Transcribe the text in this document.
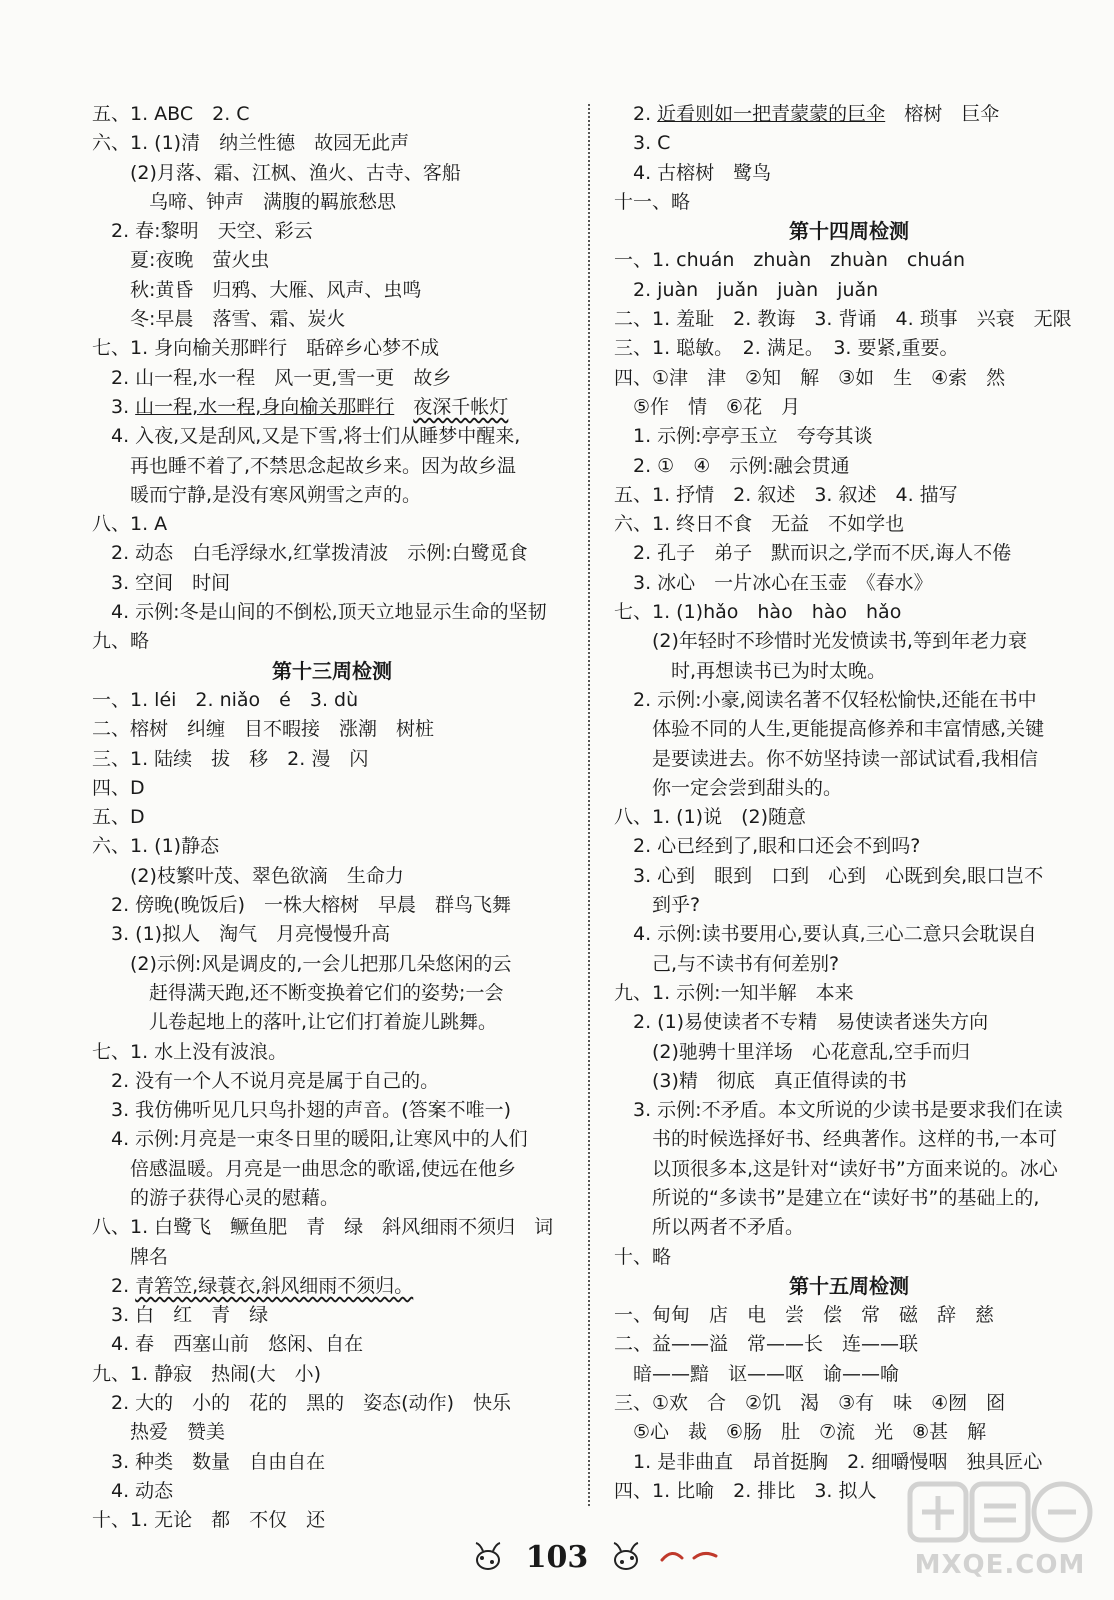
五、1. ABC　2. C
六、1. (1)清　纳兰性德　故园无此声
　　(2)月落、霜、江枫、渔火、古寺、客船
　　　乌啼、钟声　满腹的羁旅愁思
　2. 春:黎明　天空、彩云
　　夏:夜晚　萤火虫
　　秋:黄昏　归鸦、大雁、风声、虫鸣
　　冬:早晨　落雪、霜、炭火
七、1. 身向榆关那畔行　聒碎乡心梦不成
　2. 山一程,水一程　风一更,雪一更　故乡
　3. 山一程,水一程,身向榆关那畔行　 夜深千帐灯
　4. 入夜,又是刮风,又是下雪,将士们从睡梦中醒来,
　　再也睡不着了,不禁思念起故乡来。因为故乡温
　　暖而宁静,是没有寒风朔雪之声的。
八、1. A
　2. 动态　白毛浮绿水,红掌拨清波　示例:白鹭觅食
　3. 空间　时间
　4. 示例:冬是山间的不倒松,顶天立地显示生命的坚韧
九、略
第十三周检测
一、1. léi　2. niǎo　é　3. dù
二、榕树　纠缠　目不暇接　涨潮　树桩
三、1. 陆续　拔　移　2. 漫　闪
四、D
五、D
六、1. (1)静态
　　(2)枝繁叶茂、翠色欲滴　生命力
　2. 傍晚(晚饭后)　一株大榕树　早晨　群鸟飞舞
　3. (1)拟人　淘气　月亮慢慢升高
　　(2)示例:风是调皮的,一会儿把那几朵悠闲的云
　　　赶得满天跑,还不断变换着它们的姿势;一会
　　　儿卷起地上的落叶,让它们打着旋儿跳舞。
七、1. 水上没有波浪。
　2. 没有一个人不说月亮是属于自己的。
　3. 我仿佛听见几只鸟扑翅的声音。(答案不唯一)
　4. 示例:月亮是一束冬日里的暖阳,让寒风中的人们
　　倍感温暖。月亮是一曲思念的歌谣,使远在他乡
　　的游子获得心灵的慰藉。
八、1. 白鹭飞　鳜鱼肥　青　绿　斜风细雨不须归　词
　　牌名
　2. 青箬笠,绿蓑衣,斜风细雨不须归。
　3. 白　红　青　绿
　4. 春　西塞山前　悠闲、自在
九、1. 静寂　热闹(大　小)
　2. 大的　小的　花的　黑的　姿态(动作)　快乐
　　热爱　赞美
　3. 种类　数量　自由自在
　4. 动态
十、1. 无论　都　不仅　还
　2. 近看则如一把青蒙蒙的巨伞　榕树　巨伞
　3. C
　4. 古榕树　鹭鸟
十一、略
第十四周检测
一、1. chuán　zhuàn　zhuàn　chuán
　2. juàn　juǎn　juàn　juǎn
二、1. 羞耻　2. 教诲　3. 背诵　4. 琐事　兴衰　无限
三、1. 聪敏。　2. 满足。　3. 要紧,重要。
四、①津　津　②知　解　③如　生　④索　然
　⑤作　情　⑥花　月
　1. 示例:亭亭玉立　夸夸其谈
　2. ①　④　示例:融会贯通
五、1. 抒情　2. 叙述　3. 叙述　4. 描写
六、1. 终日不食　无益　不如学也
　2. 孔子　弟子　默而识之,学而不厌,诲人不倦
　3. 冰心　一片冰心在玉壶　《春水》
七、1. (1)hǎo　hào　hào　hǎo
　　(2)年轻时不珍惜时光发愤读书,等到年老力衰
　　　时,再想读书已为时太晚。
　2. 示例:小豪,阅读名著不仅轻松愉快,还能在书中
　　体验不同的人生,更能提高修养和丰富情感,关键
　　是要读进去。你不妨坚持读一部试试看,我相信
　　你一定会尝到甜头的。
八、1. (1)说　(2)随意
　2. 心已经到了,眼和口还会不到吗?
　3. 心到　眼到　口到　心到　心既到矣,眼口岂不
　　到乎?
　4. 示例:读书要用心,要认真,三心二意只会耽误自
　　己,与不读书有何差别?
九、1. 示例:一知半解　本来
　2. (1)易使读者不专精　易使读者迷失方向
　　(2)驰骋十里洋场　心花意乱,空手而归
　　(3)精　彻底　真正值得读的书
　3. 示例:不矛盾。本文所说的少读书是要求我们在读
　　书的时候选择好书、经典著作。这样的书,一本可
　　以顶很多本,这是针对“读好书”方面来说的。冰心
　　所说的“多读书”是建立在“读好书”的基础上的,
　　所以两者不矛盾。
十、略
第十五周检测
一、甸甸　店　电　尝　偿　常　磁　辞　慈
二、益——溢　常——长　连——联
　暗——黯　讴——呕　谕——喻
三、①欢　合　②饥　渴　③有　味　④囫　囵
　⑤心　裁　⑥肠　肚　⑦流　光　⑧甚　解
　1. 是非曲直　昂首挺胸　2. 细嚼慢咽　独具匠心
四、1. 比喻　2. 排比　3. 拟人
103	MXQE.COM
